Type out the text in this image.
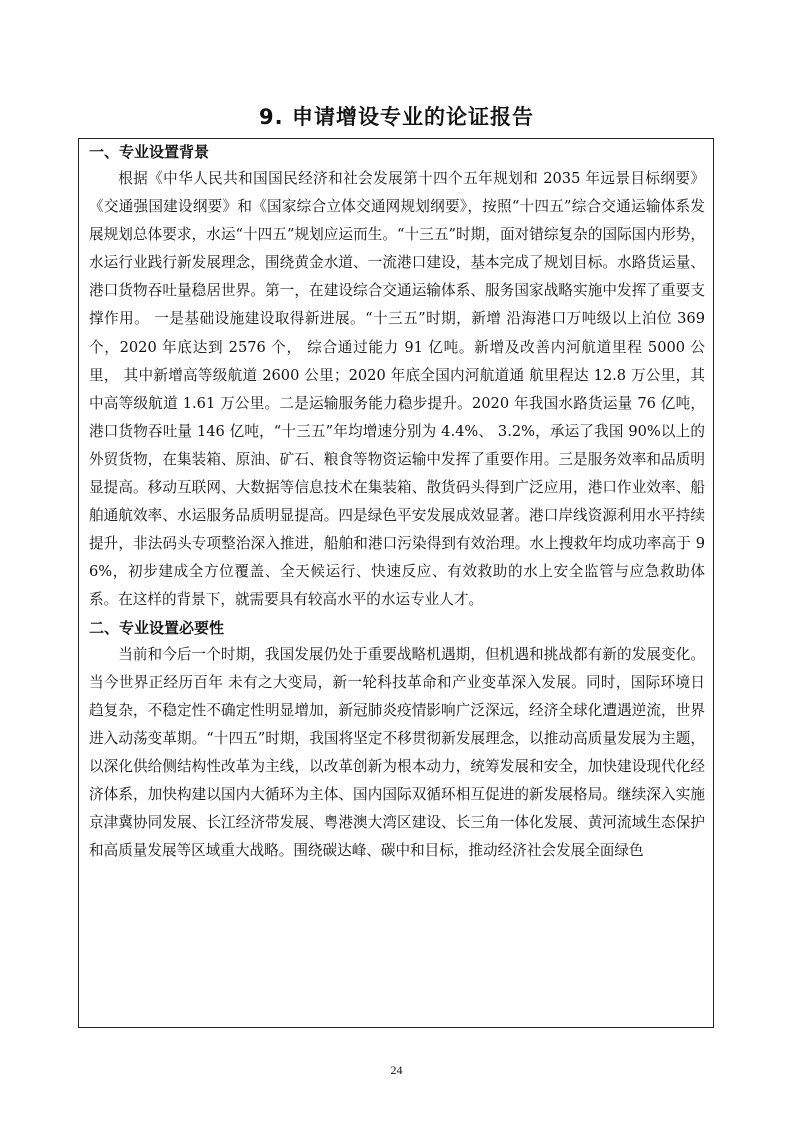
9. 申请增设专业的论证报告
一、专业设置背景

根据《中华人民共和国国民经济和社会发展第十四个五年规划和 2035 年远景目标纲要》《交通强国建设纲要》和《国家综合立体交通网规划纲要》，按照“十四五”综合交通运输体系发展规划总体要求，水运“十四五”规划应运而生。“十三五”时期，面对错综复杂的国际国内形势，水运行业践行新发展理念，围绕黄金水道、一流港口建设，基本完成了规划目标。水路货运量、港口货物吞吐量稳居世界。第一，在建设综合交通运输体系、服务国家战略实施中发挥了重要支撑作用。 一是基础设施建设取得新进展。“十三五”时期，新增 沿海港口万吨级以上泊位 369 个，2020 年底达到 2576 个， 综合通过能力 91 亿吨。新增及改善内河航道里程 5000 公里， 其中新增高等级航道 2600 公里；2020 年底全国内河航道通 航里程达 12.8 万公里，其中高等级航道 1.61 万公里。二是运输服务能力稳步提升。2020 年我国水路货运量 76 亿吨，港口货物吞吐量 146 亿吨，“十三五”年均增速分别为 4.4%、 3.2%，承运了我国 90%以上的外贸货物，在集装箱、原油、矿石、粮食等物资运输中发挥了重要作用。三是服务效率和品质明显提高。移动互联网、大数据等信息技术在集装箱、散货码头得到广泛应用，港口作业效率、船舶通航效率、水运服务品质明显提高。四是绿色平安发展成效显著。港口岸线资源利用水平持续提升，非法码头专项整治深入推进，船舶和港口污染得到有效治理。水上搜救年均成功率高于 96%，初步建成全方位覆盖、全天候运行、快速反应、有效救助的水上安全监管与应急救助体系。在这样的背景下，就需要具有较高水平的水运专业人才。

二、专业设置必要性

当前和今后一个时期，我国发展仍处于重要战略机遇期，但机遇和挑战都有新的发展变化。当今世界正经历百年 未有之大变局，新一轮科技革命和产业变革深入发展。同时，国际环境日趋复杂，不稳定性不确定性明显增加，新冠肺炎疫情影响广泛深远，经济全球化遭遇逆流，世界进入动荡变革期。“十四五”时期，我国将坚定不移贯彻新发展理念，以推动高质量发展为主题，以深化供给侧结构性改革为主线，以改革创新为根本动力，统筹发展和安全，加快建设现代化经济体系，加快构建以国内大循环为主体、国内国际双循环相互促进的新发展格局。继续深入实施京津冀协同发展、长江经济带发展、粤港澳大湾区建设、长三角一体化发展、黄河流域生态保护和高质量发展等区域重大战略。围绕碳达峰、碳中和目标，推动经济社会发展全面绿色

24
